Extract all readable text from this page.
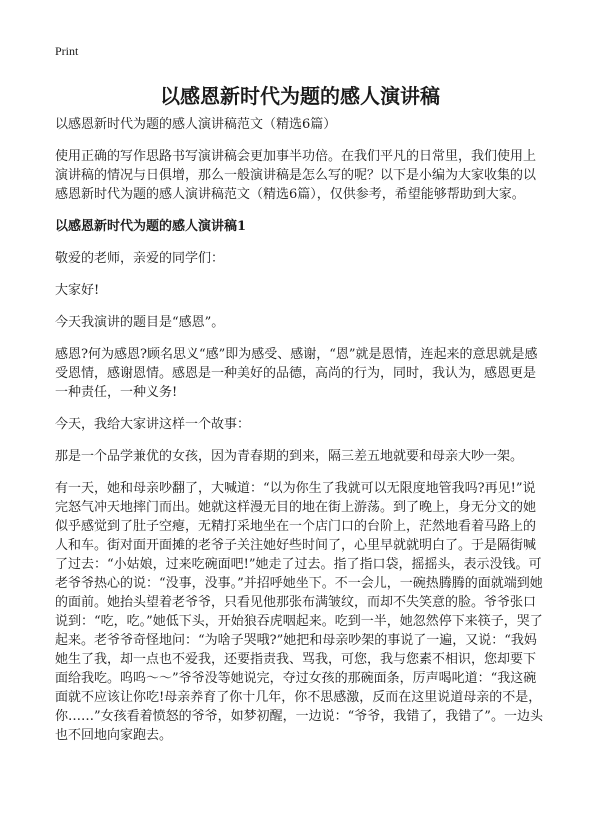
Print
以感恩新时代为题的感人演讲稿

以感恩新时代为题的感人演讲稿范文（精选6篇）

使用正确的写作思路书写演讲稿会更加事半功倍。在我们平凡的日常里，我们使用上演讲稿的情况与日俱增，那么一般演讲稿是怎么写的呢？以下是小编为大家收集的以感恩新时代为题的感人演讲稿范文（精选6篇），仅供参考，希望能够帮助到大家。

以感恩新时代为题的感人演讲稿1

敬爱的老师，亲爱的同学们：

大家好!

今天我演讲的题目是“感恩”。

感恩?何为感恩?顾名思义“感”即为感受、感谢，“恩”就是恩情，连起来的意思就是感受恩情，感谢恩情。感恩是一种美好的品德，高尚的行为，同时，我认为，感恩更是一种责任，一种义务!

今天，我给大家讲这样一个故事：

那是一个品学兼优的女孩，因为青春期的到来，隔三差五地就要和母亲大吵一架。

有一天，她和母亲吵翻了，大喊道：“以为你生了我就可以无限度地管我吗?再见!”说完怒气冲天地摔门而出。她就这样漫无目的地在街上游荡。到了晚上，身无分文的她似乎感觉到了肚子空瘪，无精打采地坐在一个店门口的台阶上，茫然地看着马路上的人和车。街对面开面摊的老爷子关注她好些时间了，心里早就就明白了。于是隔街喊了过去：“小姑娘，过来吃碗面吧!”她走了过去。指了指口袋，摇摇头，表示没钱。可老爷爷热心的说：“没事，没事。”并招呼她坐下。不一会儿，一碗热腾腾的面就端到她的面前。她抬头望着老爷爷，只看见他那张布满皱纹，而却不失笑意的脸。爷爷张口说到：“吃，吃。”她低下头，开始狼吞虎咽起来。吃到一半，她忽然停下来筷子，哭了起来。老爷爷奇怪地问：“为啥子哭哦?”她把和母亲吵架的事说了一遍，又说：“我妈她生了我，却一点也不爱我，还要指责我、骂我，可您，我与您素不相识，您却要下面给我吃。呜呜～～”爷爷没等她说完，夺过女孩的那碗面条，厉声喝叱道：“我这碗面就不应该让你吃!母亲养育了你十几年，你不思感激，反而在这里说道母亲的不是，你……”女孩看着愤怒的爷爷，如梦初醒，一边说：“爷爷，我错了，我错了”。一边头也不回地向家跑去。
